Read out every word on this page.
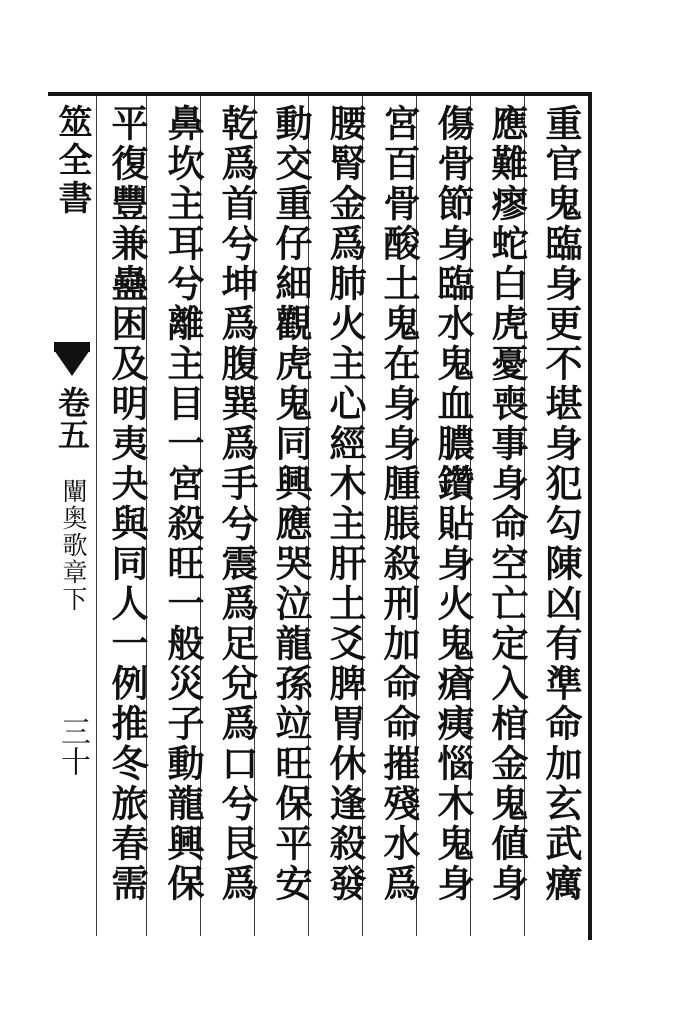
重官鬼臨身更不堪身犯勾陳凶有準命加玄武癘
應難瘳蛇白虎憂喪事身命空亡定入棺金鬼値身
傷骨節身臨水鬼血膿鑽貼身火鬼瘡痍惱木鬼身
宮百骨酸土鬼在身身腫脹殺刑加命命摧殘水爲
腰腎金爲肺火主心經木主肝土爻脾胃休逢殺發
動交重仔細觀虎鬼同興應哭泣龍孫竝旺保平安
乾爲首兮坤爲腹巽爲手兮震爲足兌爲口兮艮爲
鼻坎主耳兮離主目一宮殺旺一般災子動龍興保
平復豐兼蠱困及明夷夬與同人一例推冬旅春需
筮全書
卷五
闡奥歌章下
三十
